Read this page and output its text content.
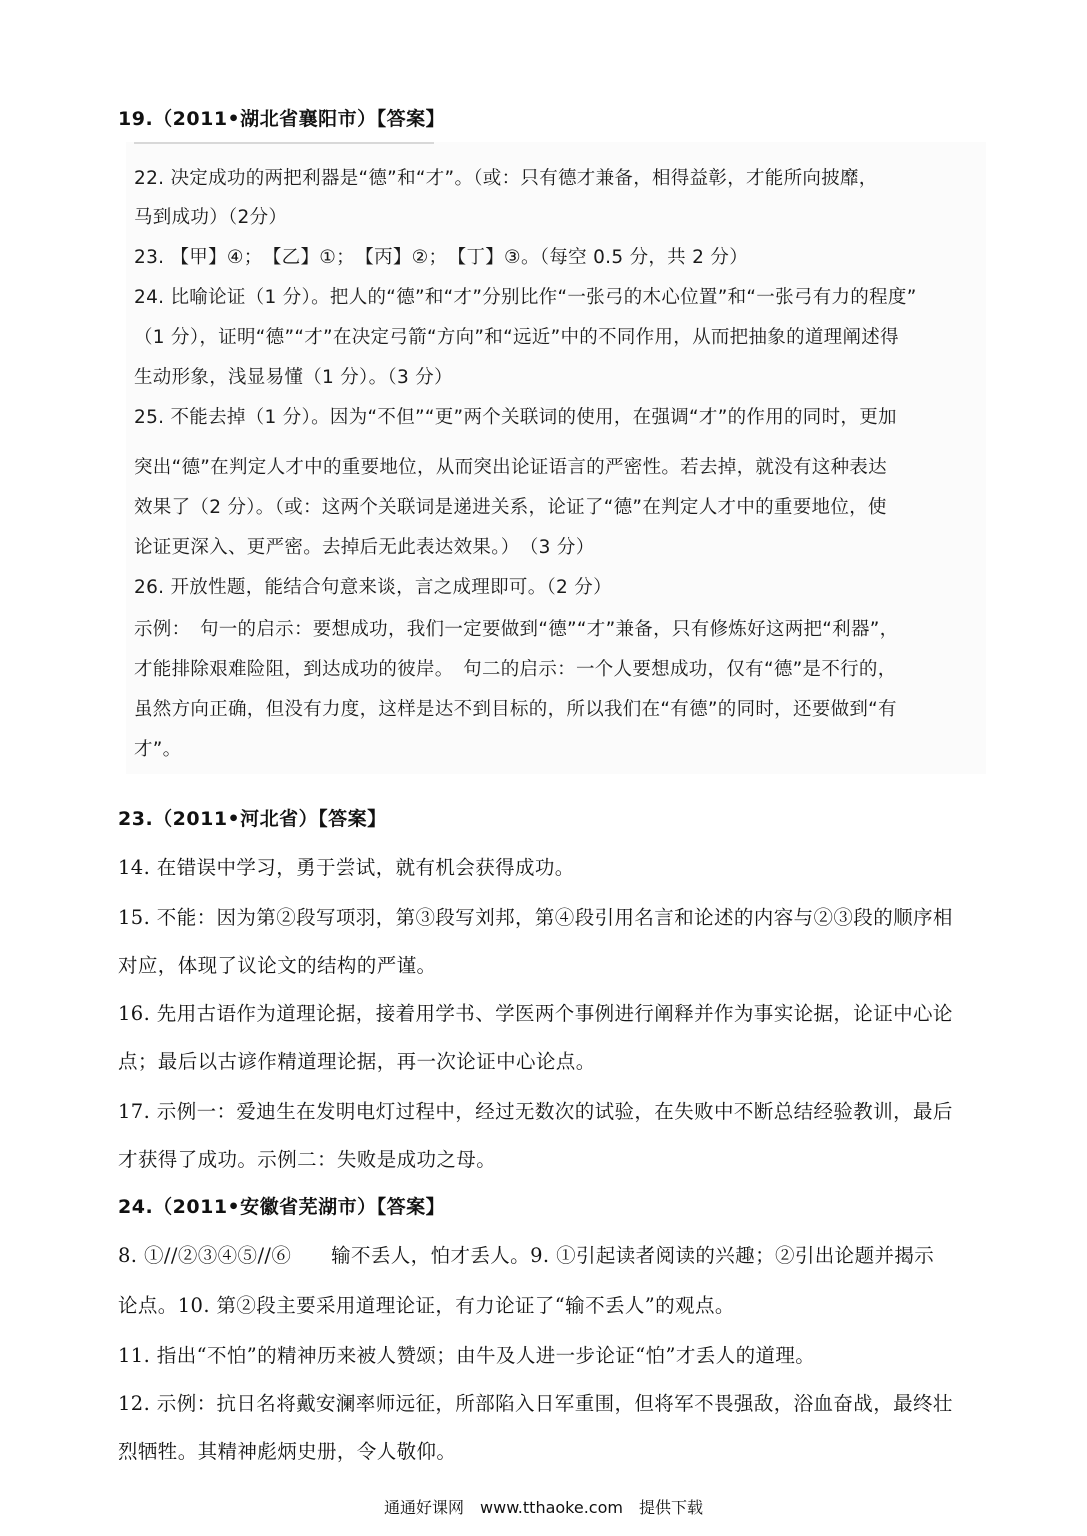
19.（2011•湖北省襄阳市）【答案】
22. 决定成功的两把利器是“德”和“才”。（或：只有德才兼备，相得益彰，才能所向披靡，
马到成功）（2分）
23. 【甲】④；　【乙】①；　【丙】②；　【丁】③。（每空 0.5 分，共 2 分）
24. 比喻论证（1 分）。把人的“德”和“才”分别比作“一张弓的木心位置”和“一张弓有力的程度”
（1 分），证明“德”“才”在决定弓箭“方向”和“远近”中的不同作用，从而把抽象的道理阐述得
生动形象，浅显易懂（1 分）。（3 分）
25. 不能去掉（1 分）。因为“不但”“更”两个关联词的使用，在强调“才”的作用的同时，更加
突出“德”在判定人才中的重要地位，从而突出论证语言的严密性。若去掉，就没有这种表达
效果了（2 分）。（或：这两个关联词是递进关系，论证了“德”在判定人才中的重要地位，使
论证更深入、更严密。去掉后无此表达效果。）　（3 分）
26. 开放性题，能结合句意来谈，言之成理即可。（2 分）
示例：　句一的启示：要想成功，我们一定要做到“德”“才”兼备，只有修炼好这两把“利器”，
才能排除艰难险阻，到达成功的彼岸。　句二的启示：一个人要想成功，仅有“德”是不行的，
虽然方向正确，但没有力度，这样是达不到目标的，所以我们在“有德”的同时，还要做到“有
才”。
23.（2011•河北省）【答案】
14. 在错误中学习，勇于尝试，就有机会获得成功。
15. 不能：因为第②段写项羽，第③段写刘邦，第④段引用名言和论述的内容与②③段的顺序相
对应，体现了议论文的结构的严谨。
16. 先用古语作为道理论据，接着用学书、学医两个事例进行阐释并作为事实论据，论证中心论
点；最后以古谚作精道理论据，再一次论证中心论点。
17. 示例一：爱迪生在发明电灯过程中，经过无数次的试验，在失败中不断总结经验教训，最后
才获得了成功。示例二：失败是成功之母。
24.（2011•安徽省芜湖市）【答案】
8. ①//②③④⑤//⑥　　输不丢人，怕才丢人。9. ①引起读者阅读的兴趣；②引出论题并揭示
论点。10. 第②段主要采用道理论证，有力论证了“输不丢人”的观点。
11. 指出“不怕”的精神历来被人赞颂；由牛及人进一步论证“怕”才丢人的道理。
12. 示例：抗日名将戴安澜率师远征，所部陷入日军重围，但将军不畏强敌，浴血奋战，最终壮
烈牺牲。其精神彪炳史册，令人敬仰。
通通好课网　www.tthaoke.com　提供下载
